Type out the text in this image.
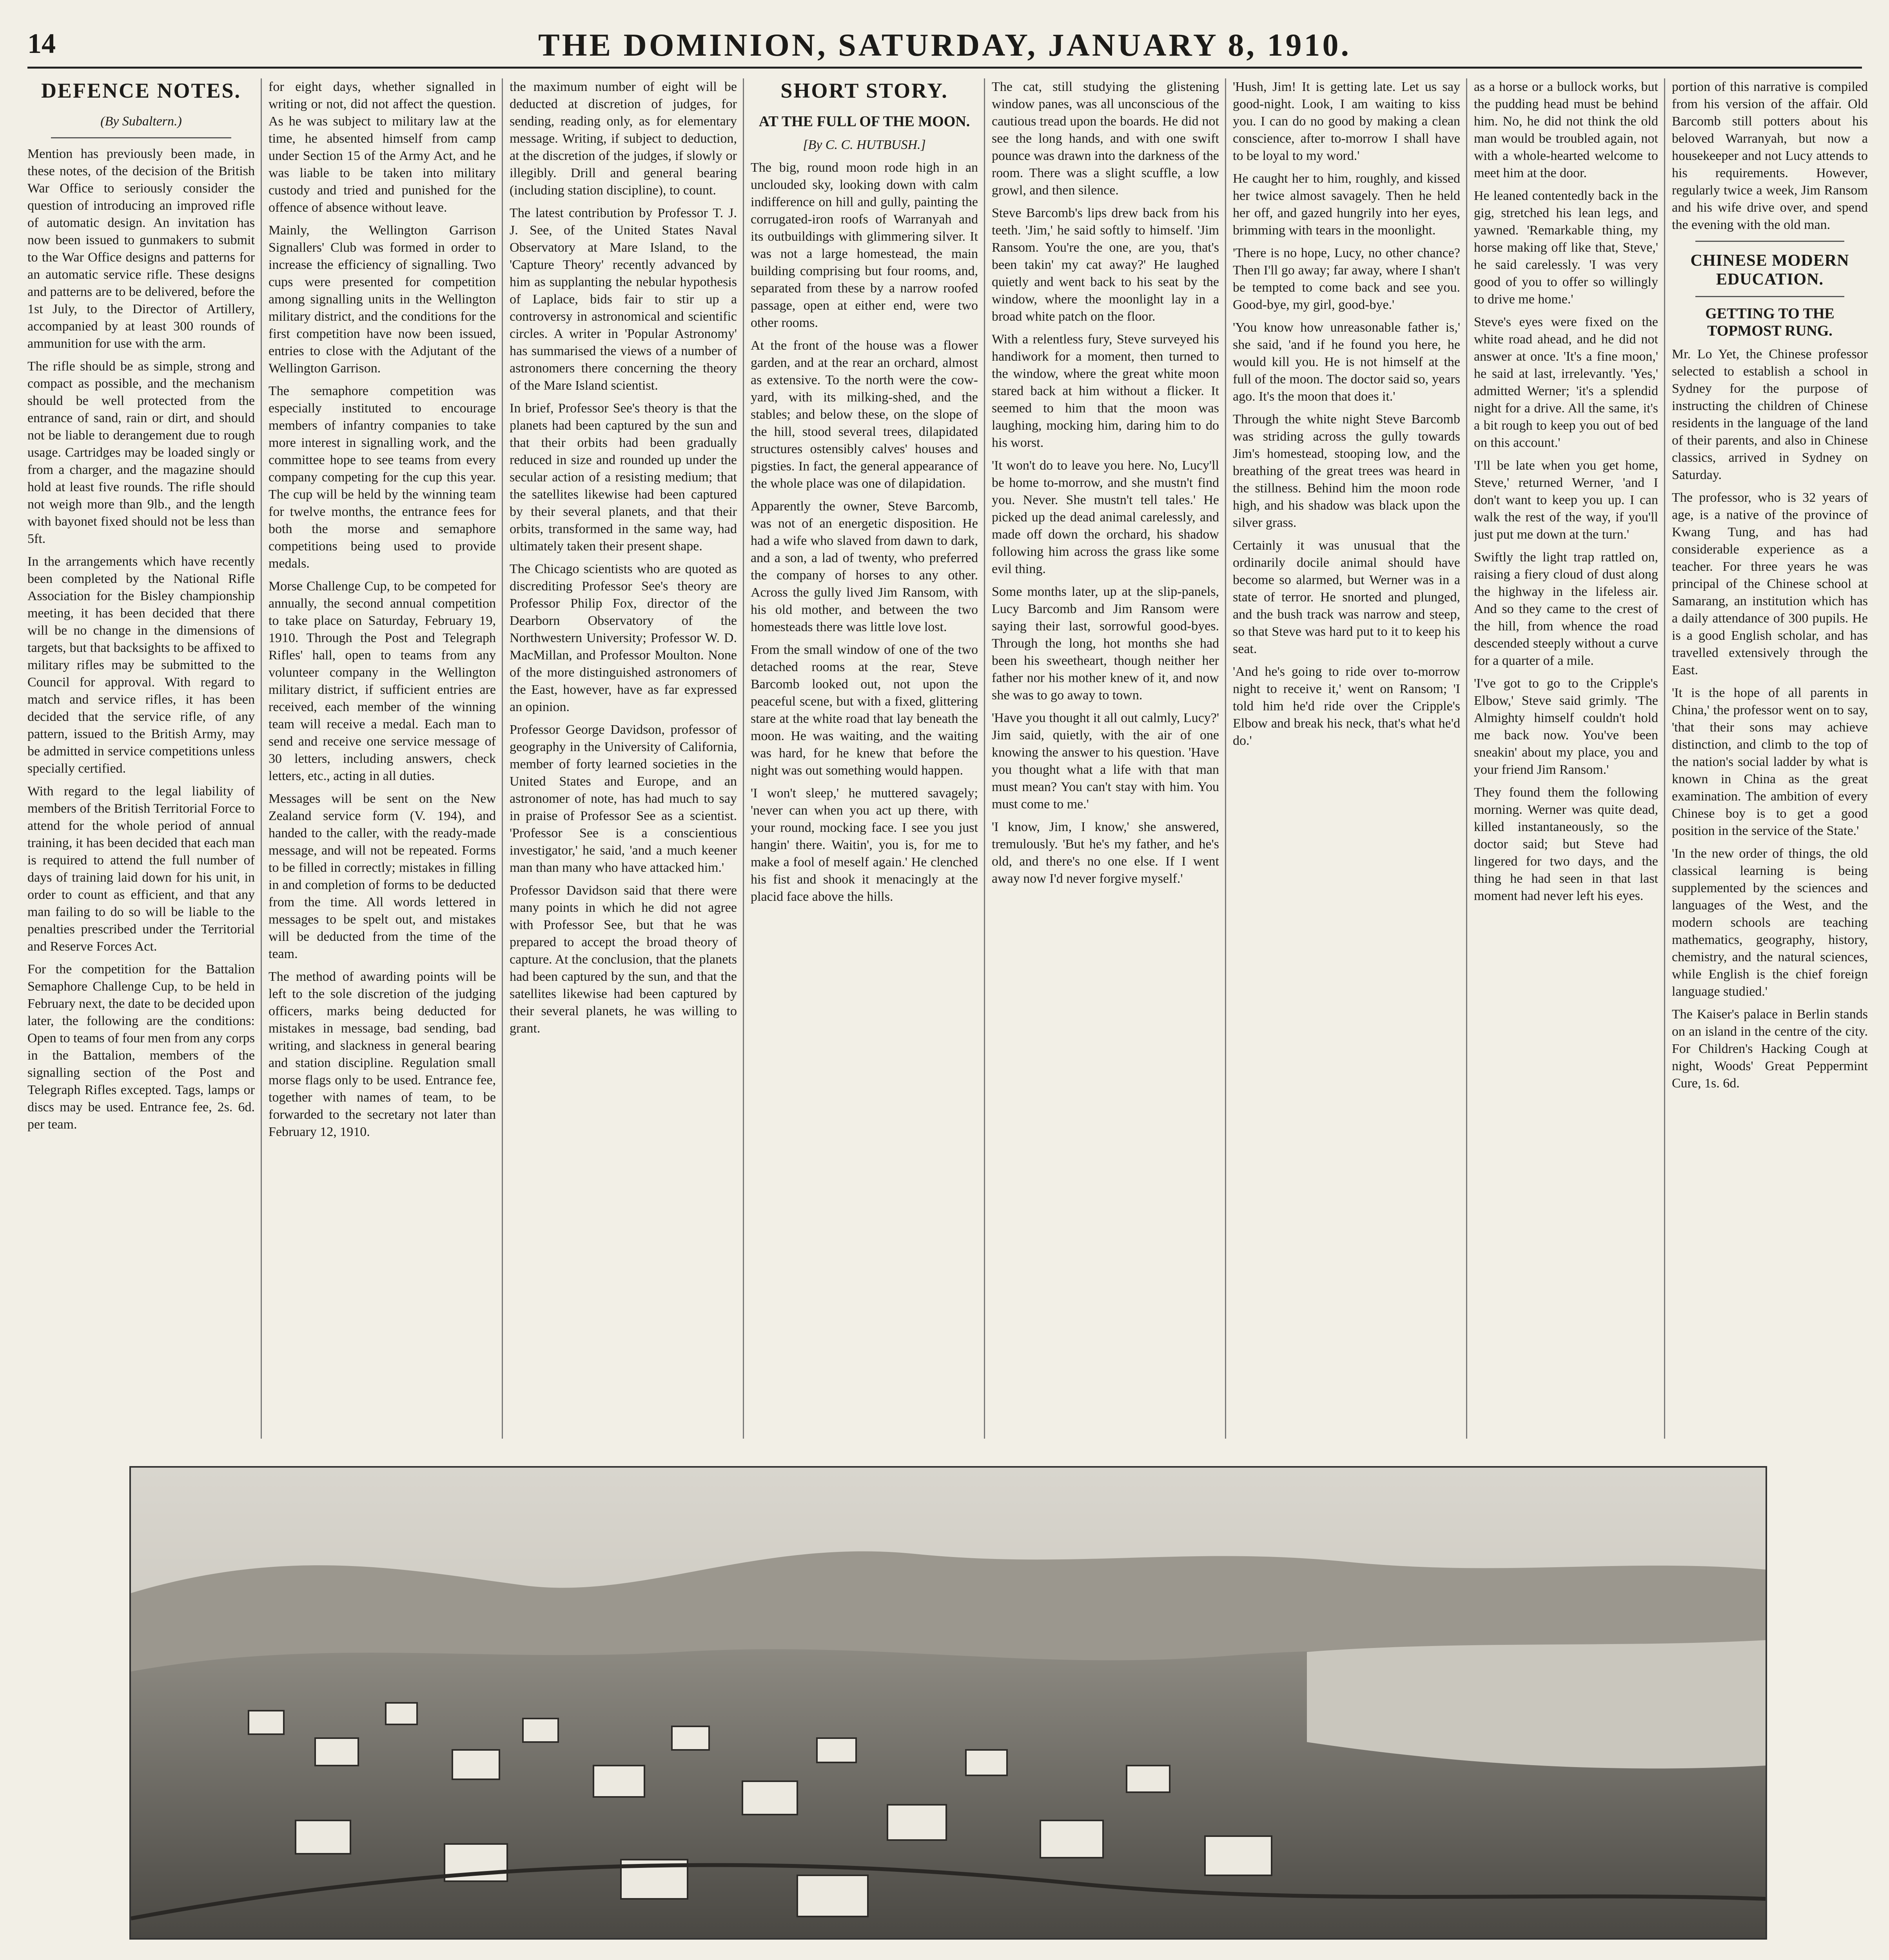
14	THE DOMINION, SATURDAY, JANUARY 8, 1910.
DEFENCE NOTES.

(By Subaltern.)

Mention has previously been made, in these notes, of the decision of the British War Office to seriously consider the question of introducing an improved rifle of automatic design. An invitation has now been issued to gunmakers to submit to the War Office designs and patterns for an automatic service rifle. These designs and patterns are to be delivered, before the 1st July, to the Director of Artillery, accompanied by at least 300 rounds of ammunition for use with the arm.

The rifle should be as simple, strong and compact as possible, and the mechanism should be well protected from the entrance of sand, rain or dirt, and should not be liable to derangement due to rough usage. Cartridges may be loaded singly or from a charger, and the magazine should hold at least five rounds. The rifle should not weigh more than 9lb., and the length with bayonet fixed should not be less than 5ft.

In the arrangements which have recently been completed by the National Rifle Association for the Bisley championship meeting, it has been decided that there will be no change in the dimensions of targets, but that backsights to be affixed to military rifles may be submitted to the Council for approval. With regard to match and service rifles, it has been decided that the service rifle, of any pattern, issued to the British Army, may be admitted in service competitions unless specially certified.

With regard to the legal liability of members of the British Territorial Force to attend for the whole period of annual training, it has been decided that each man is required to attend the full number of days of training laid down for his unit, in order to count as efficient, and that any man failing to do so will be liable to the penalties prescribed under the Territorial and Reserve Forces Act.

For the competition for the Battalion Semaphore Challenge Cup, to be held in February next, the date to be decided upon later, the following are the conditions: Open to teams of four men from any corps in the Battalion, members of the signalling section of the Post and Telegraph Rifles excepted. Tags, lamps or discs may be used. Entrance fee, 2s. 6d. per team.

for eight days, whether signalled in writing or not, did not affect the question. As he was subject to military law at the time, he absented himself from camp under Section 15 of the Army Act, and he was liable to be taken into military custody and tried and punished for the offence of absence without leave.

Mainly, the Wellington Garrison Signallers' Club was formed in order to increase the efficiency of signalling. Two cups were presented for competition among signalling units in the Wellington military district, and the conditions for the first competition have now been issued, entries to close with the Adjutant of the Wellington Garrison.

The semaphore competition was especially instituted to encourage members of infantry companies to take more interest in signalling work, and the committee hope to see teams from every company competing for the cup this year. The cup will be held by the winning team for twelve months, the entrance fees for both the morse and semaphore competitions being used to provide medals.

Morse Challenge Cup, to be competed for annually, the second annual competition to take place on Saturday, February 19, 1910. Through the Post and Telegraph Rifles' hall, open to teams from any volunteer company in the Wellington military district, if sufficient entries are received, each member of the winning team will receive a medal. Each man to send and receive one service message of 30 letters, including answers, check letters, etc., acting in all duties.

Messages will be sent on the New Zealand service form (V. 194), and handed to the caller, with the ready-made message, and will not be repeated. Forms to be filled in correctly; mistakes in filling in and completion of forms to be deducted from the time. All words lettered in messages to be spelt out, and mistakes will be deducted from the time of the team.

The method of awarding points will be left to the sole discretion of the judging officers, marks being deducted for mistakes in message, bad sending, bad writing, and slackness in general bearing and station discipline. Regulation small morse flags only to be used. Entrance fee, together with names of team, to be forwarded to the secretary not later than February 12, 1910.

the maximum number of eight will be deducted at discretion of judges, for sending, reading only, as for elementary message. Writing, if subject to deduction, at the discretion of the judges, if slowly or illegibly. Drill and general bearing (including station discipline), to count.

The latest contribution by Professor T. J. J. See, of the United States Naval Observatory at Mare Island, to the 'Capture Theory' recently advanced by him as supplanting the nebular hypothesis of Laplace, bids fair to stir up a controversy in astronomical and scientific circles. A writer in 'Popular Astronomy' has summarised the views of a number of astronomers there concerning the theory of the Mare Island scientist.

In brief, Professor See's theory is that the planets had been captured by the sun and that their orbits had been gradually reduced in size and rounded up under the secular action of a resisting medium; that the satellites likewise had been captured by their several planets, and that their orbits, transformed in the same way, had ultimately taken their present shape.

The Chicago scientists who are quoted as discrediting Professor See's theory are Professor Philip Fox, director of the Dearborn Observatory of the Northwestern University; Professor W. D. MacMillan, and Professor Moulton. None of the more distinguished astronomers of the East, however, have as far expressed an opinion.

Professor George Davidson, professor of geography in the University of California, member of forty learned societies in the United States and Europe, and an astronomer of note, has had much to say in praise of Professor See as a scientist. 'Professor See is a conscientious investigator,' he said, 'and a much keener man than many who have attacked him.'

Professor Davidson said that there were many points in which he did not agree with Professor See, but that he was prepared to accept the broad theory of capture. At the conclusion, that the planets had been captured by the sun, and that the satellites likewise had been captured by their several planets, he was willing to grant.

SHORT STORY.
AT THE FULL OF THE MOON.

[By C. C. HUTBUSH.]

The big, round moon rode high in an unclouded sky, looking down with calm indifference on hill and gully, painting the corrugated-iron roofs of Warranyah and its outbuildings with glimmering silver. It was not a large homestead, the main building comprising but four rooms, and, separated from these by a narrow roofed passage, open at either end, were two other rooms.

At the front of the house was a flower garden, and at the rear an orchard, almost as extensive. To the north were the cow-yard, with its milking-shed, and the stables; and below these, on the slope of the hill, stood several trees, dilapidated structures ostensibly calves' houses and pigsties. In fact, the general appearance of the whole place was one of dilapidation.

Apparently the owner, Steve Barcomb, was not of an energetic disposition. He had a wife who slaved from dawn to dark, and a son, a lad of twenty, who preferred the company of horses to any other. Across the gully lived Jim Ransom, with his old mother, and between the two homesteads there was little love lost.

From the small window of one of the two detached rooms at the rear, Steve Barcomb looked out, not upon the peaceful scene, but with a fixed, glittering stare at the white road that lay beneath the moon. He was waiting, and the waiting was hard, for he knew that before the night was out something would happen.

'I won't sleep,' he muttered savagely; 'never can when you act up there, with your round, mocking face. I see you just hangin' there. Waitin', you is, for me to make a fool of meself again.' He clenched his fist and shook it menacingly at the placid face above the hills.

The cat, still studying the glistening window panes, was all unconscious of the cautious tread upon the boards. He did not see the long hands, and with one swift pounce was drawn into the darkness of the room. There was a slight scuffle, a low growl, and then silence.

Steve Barcomb's lips drew back from his teeth. 'Jim,' he said softly to himself. 'Jim Ransom. You're the one, are you, that's been takin' my cat away?' He laughed quietly and went back to his seat by the window, where the moonlight lay in a broad white patch on the floor.

With a relentless fury, Steve surveyed his handiwork for a moment, then turned to the window, where the great white moon stared back at him without a flicker. It seemed to him that the moon was laughing, mocking him, daring him to do his worst.

'It won't do to leave you here. No, Lucy'll be home to-morrow, and she mustn't find you. Never. She mustn't tell tales.' He picked up the dead animal carelessly, and made off down the orchard, his shadow following him across the grass like some evil thing.

Some months later, up at the slip-panels, Lucy Barcomb and Jim Ransom were saying their last, sorrowful good-byes. Through the long, hot months she had been his sweetheart, though neither her father nor his mother knew of it, and now she was to go away to town.

'Have you thought it all out calmly, Lucy?' Jim said, quietly, with the air of one knowing the answer to his question. 'Have you thought what a life with that man must mean? You can't stay with him. You must come to me.'

'I know, Jim, I know,' she answered, tremulously. 'But he's my father, and he's old, and there's no one else. If I went away now I'd never forgive myself.'

'Hush, Jim! It is getting late. Let us say good-night. Look, I am waiting to kiss you. I can do no good by making a clean conscience, after to-morrow I shall have to be loyal to my word.'

He caught her to him, roughly, and kissed her twice almost savagely. Then he held her off, and gazed hungrily into her eyes, brimming with tears in the moonlight.

'There is no hope, Lucy, no other chance? Then I'll go away; far away, where I shan't be tempted to come back and see you. Good-bye, my girl, good-bye.'

'You know how unreasonable father is,' she said, 'and if he found you here, he would kill you. He is not himself at the full of the moon. The doctor said so, years ago. It's the moon that does it.'

Through the white night Steve Barcomb was striding across the gully towards Jim's homestead, stooping low, and the breathing of the great trees was heard in the stillness. Behind him the moon rode high, and his shadow was black upon the silver grass.

Certainly it was unusual that the ordinarily docile animal should have become so alarmed, but Werner was in a state of terror. He snorted and plunged, and the bush track was narrow and steep, so that Steve was hard put to it to keep his seat.

'And he's going to ride over to-morrow night to receive it,' went on Ransom; 'I told him he'd ride over the Cripple's Elbow and break his neck, that's what he'd do.'

as a horse or a bullock works, but the pudding head must be behind him. No, he did not think the old man would be troubled again, not with a whole-hearted welcome to meet him at the door.

He leaned contentedly back in the gig, stretched his lean legs, and yawned. 'Remarkable thing, my horse making off like that, Steve,' he said carelessly. 'I was very good of you to offer so willingly to drive me home.'

Steve's eyes were fixed on the white road ahead, and he did not answer at once. 'It's a fine moon,' he said at last, irrelevantly. 'Yes,' admitted Werner; 'it's a splendid night for a drive. All the same, it's a bit rough to keep you out of bed on this account.'

'I'll be late when you get home, Steve,' returned Werner, 'and I don't want to keep you up. I can walk the rest of the way, if you'll just put me down at the turn.'

Swiftly the light trap rattled on, raising a fiery cloud of dust along the highway in the lifeless air. And so they came to the crest of the hill, from whence the road descended steeply without a curve for a quarter of a mile.

'I've got to go to the Cripple's Elbow,' Steve said grimly. 'The Almighty himself couldn't hold me back now. You've been sneakin' about my place, you and your friend Jim Ransom.'

They found them the following morning. Werner was quite dead, killed instantaneously, so the doctor said; but Steve had lingered for two days, and the thing he had seen in that last moment had never left his eyes.

portion of this narrative is compiled from his version of the affair. Old Barcomb still potters about his beloved Warranyah, but now a housekeeper and not Lucy attends to his requirements. However, regularly twice a week, Jim Ransom and his wife drive over, and spend the evening with the old man.

CHINESE MODERN EDUCATION.
GETTING TO THE TOPMOST RUNG.

Mr. Lo Yet, the Chinese professor selected to establish a school in Sydney for the purpose of instructing the children of Chinese residents in the language of the land of their parents, and also in Chinese classics, arrived in Sydney on Saturday.

The professor, who is 32 years of age, is a native of the province of Kwang Tung, and has had considerable experience as a teacher. For three years he was principal of the Chinese school at Samarang, an institution which has a daily attendance of 300 pupils. He is a good English scholar, and has travelled extensively through the East.

'It is the hope of all parents in China,' the professor went on to say, 'that their sons may achieve distinction, and climb to the top of the nation's social ladder by what is known in China as the great examination. The ambition of every Chinese boy is to get a good position in the service of the State.'

'In the new order of things, the old classical learning is being supplemented by the sciences and languages of the West, and the modern schools are teaching mathematics, geography, history, chemistry, and the natural sciences, while English is the chief foreign language studied.'

The Kaiser's palace in Berlin stands on an island in the centre of the city. For Children's Hacking Cough at night, Woods' Great Peppermint Cure, 1s. 6d.
